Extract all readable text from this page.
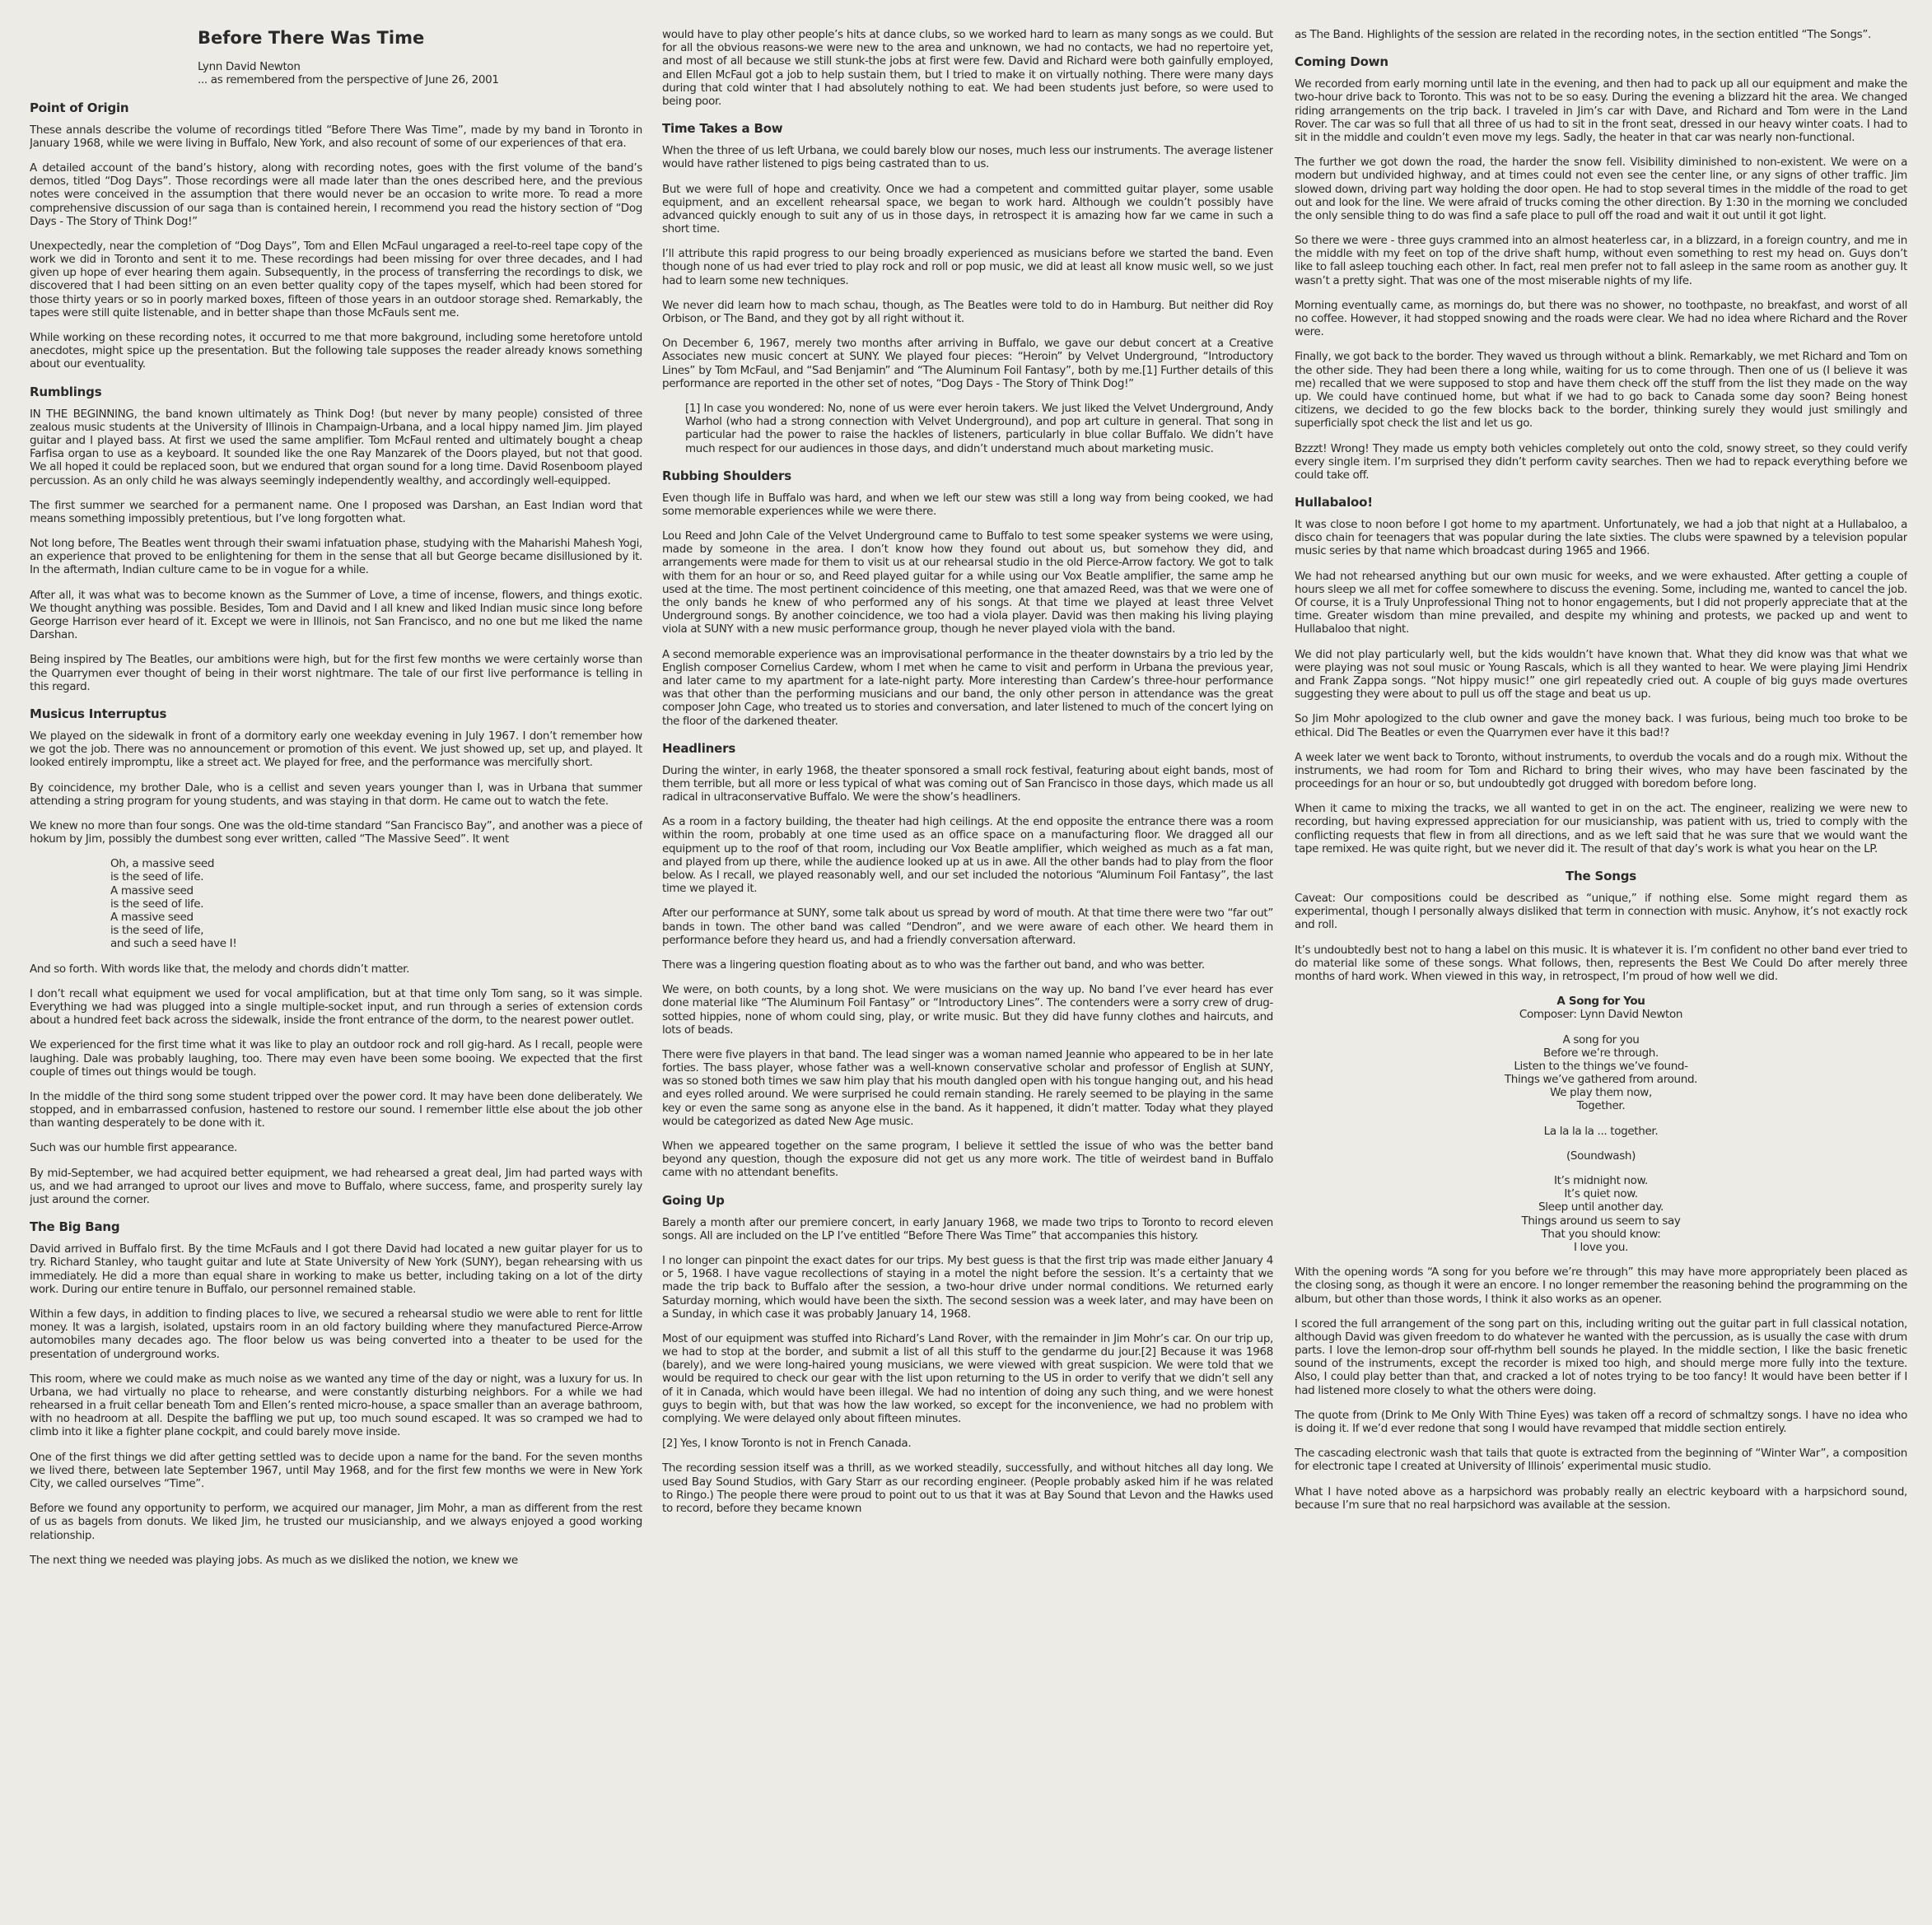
Before There Was Time
Lynn David Newton
... as remembered from the perspective of June 26, 2001
Point of Origin

These annals describe the volume of recordings titled “Before There Was Time”, made by my band in Toronto in January 1968, while we were living in Buffalo, New York, and also recount of some of our experiences of that era.

A detailed account of the band’s history, along with recording notes, goes with the first volume of the band’s demos, titled “Dog Days”. Those recordings were all made later than the ones described here, and the previous notes were conceived in the assumption that there would never be an occasion to write more. To read a more comprehensive discussion of our saga than is contained herein, I recommend you read the history section of “Dog Days - The Story of Think Dog!”

Unexpectedly, near the completion of “Dog Days”, Tom and Ellen McFaul ungaraged a reel-to-reel tape copy of the work we did in Toronto and sent it to me. These recordings had been missing for over three decades, and I had given up hope of ever hearing them again. Subsequently, in the process of transferring the recordings to disk, we discovered that I had been sitting on an even better quality copy of the tapes myself, which had been stored for those thirty years or so in poorly marked boxes, fifteen of those years in an outdoor storage shed. Remarkably, the tapes were still quite listenable, and in better shape than those McFauls sent me.

While working on these recording notes, it occurred to me that more bakground, including some heretofore untold anecdotes, might spice up the presentation. But the following tale supposes the reader already knows something about our eventuality.

Rumblings

IN THE BEGINNING, the band known ultimately as Think Dog! (but never by many people) consisted of three zealous music students at the University of Illinois in Champaign-Urbana, and a local hippy named Jim. Jim played guitar and I played bass. At first we used the same amplifier. Tom McFaul rented and ultimately bought a cheap Farfisa organ to use as a keyboard. It sounded like the one Ray Manzarek of the Doors played, but not that good. We all hoped it could be replaced soon, but we endured that organ sound for a long time. David Rosenboom played percussion. As an only child he was always seemingly independently wealthy, and accordingly well-equipped.

The first summer we searched for a permanent name. One I proposed was Darshan, an East Indian word that means something impossibly pretentious, but I’ve long forgotten what.

Not long before, The Beatles went through their swami infatuation phase, studying with the Maharishi Mahesh Yogi, an experience that proved to be enlightening for them in the sense that all but George became disillusioned by it. In the aftermath, Indian culture came to be in vogue for a while.

After all, it was what was to become known as the Summer of Love, a time of incense, flowers, and things exotic. We thought anything was possible. Besides, Tom and David and I all knew and liked Indian music since long before George Harrison ever heard of it. Except we were in Illinois, not San Francisco, and no one but me liked the name Darshan.

Being inspired by The Beatles, our ambitions were high, but for the first few months we were certainly worse than the Quarrymen ever thought of being in their worst nightmare. The tale of our first live performance is telling in this regard.

Musicus Interruptus

We played on the sidewalk in front of a dormitory early one weekday evening in July 1967. I don’t remember how we got the job. There was no announcement or promotion of this event. We just showed up, set up, and played. It looked entirely impromptu, like a street act. We played for free, and the performance was mercifully short.

By coincidence, my brother Dale, who is a cellist and seven years younger than I, was in Urbana that summer attending a string program for young students, and was staying in that dorm. He came out to watch the fete.

We knew no more than four songs. One was the old-time standard “San Francisco Bay”, and another was a piece of hokum by Jim, possibly the dumbest song ever written, called “The Massive Seed”. It went

Oh, a massive seed
is the seed of life.
A massive seed
is the seed of life.
A massive seed
is the seed of life,
and such a seed have I!

And so forth. With words like that, the melody and chords didn’t matter.

I don’t recall what equipment we used for vocal amplification, but at that time only Tom sang, so it was simple. Everything we had was plugged into a single multiple-socket input, and run through a series of extension cords about a hundred feet back across the sidewalk, inside the front entrance of the dorm, to the nearest power outlet.

We experienced for the first time what it was like to play an outdoor rock and roll gig-hard. As I recall, people were laughing. Dale was probably laughing, too. There may even have been some booing. We expected that the first couple of times out things would be tough.

In the middle of the third song some student tripped over the power cord. It may have been done deliberately. We stopped, and in embarrassed confusion, hastened to restore our sound. I remember little else about the job other than wanting desperately to be done with it.

Such was our humble first appearance.

By mid-September, we had acquired better equipment, we had rehearsed a great deal, Jim had parted ways with us, and we had arranged to uproot our lives and move to Buffalo, where success, fame, and prosperity surely lay just around the corner.

The Big Bang

David arrived in Buffalo first. By the time McFauls and I got there David had located a new guitar player for us to try. Richard Stanley, who taught guitar and lute at State University of New York (SUNY), began rehearsing with us immediately. He did a more than equal share in working to make us better, including taking on a lot of the dirty work. During our entire tenure in Buffalo, our personnel remained stable.

Within a few days, in addition to finding places to live, we secured a rehearsal studio we were able to rent for little money. It was a largish, isolated, upstairs room in an old factory building where they manufactured Pierce-Arrow automobiles many decades ago. The floor below us was being converted into a theater to be used for the presentation of underground works.

This room, where we could make as much noise as we wanted any time of the day or night, was a luxury for us. In Urbana, we had virtually no place to rehearse, and were constantly disturbing neighbors. For a while we had rehearsed in a fruit cellar beneath Tom and Ellen’s rented micro-house, a space smaller than an average bathroom, with no headroom at all. Despite the baffling we put up, too much sound escaped. It was so cramped we had to climb into it like a fighter plane cockpit, and could barely move inside.

One of the first things we did after getting settled was to decide upon a name for the band. For the seven months we lived there, between late September 1967, until May 1968, and for the first few months we were in New York City, we called ourselves “Time”.

Before we found any opportunity to perform, we acquired our manager, Jim Mohr, a man as different from the rest of us as bagels from donuts. We liked Jim, he trusted our musicianship, and we always enjoyed a good working relationship.

The next thing we needed was playing jobs. As much as we disliked the notion, we knew we

would have to play other people’s hits at dance clubs, so we worked hard to learn as many songs as we could. But for all the obvious reasons-we were new to the area and unknown, we had no contacts, we had no repertoire yet, and most of all because we still stunk-the jobs at first were few. David and Richard were both gainfully employed, and Ellen McFaul got a job to help sustain them, but I tried to make it on virtually nothing. There were many days during that cold winter that I had absolutely nothing to eat. We had been students just before, so were used to being poor.

Time Takes a Bow

When the three of us left Urbana, we could barely blow our noses, much less our instruments. The average listener would have rather listened to pigs being castrated than to us.

But we were full of hope and creativity. Once we had a competent and committed guitar player, some usable equipment, and an excellent rehearsal space, we began to work hard. Although we couldn’t possibly have advanced quickly enough to suit any of us in those days, in retrospect it is amazing how far we came in such a short time.

I’ll attribute this rapid progress to our being broadly experienced as musicians before we started the band. Even though none of us had ever tried to play rock and roll or pop music, we did at least all know music well, so we just had to learn some new techniques.

We never did learn how to mach schau, though, as The Beatles were told to do in Hamburg. But neither did Roy Orbison, or The Band, and they got by all right without it.

On December 6, 1967, merely two months after arriving in Buffalo, we gave our debut concert at a Creative Associates new music concert at SUNY. We played four pieces: “Heroin” by Velvet Underground, “Introductory Lines” by Tom McFaul, and “Sad Benjamin” and “The Aluminum Foil Fantasy”, both by me.[1] Further details of this performance are reported in the other set of notes, “Dog Days - The Story of Think Dog!”

[1] In case you wondered: No, none of us were ever heroin takers. We just liked the Velvet Underground, Andy Warhol (who had a strong connection with Velvet Underground), and pop art culture in general. That song in particular had the power to raise the hackles of listeners, particularly in blue collar Buffalo. We didn’t have much respect for our audiences in those days, and didn’t understand much about marketing music.

Rubbing Shoulders

Even though life in Buffalo was hard, and when we left our stew was still a long way from being cooked, we had some memorable experiences while we were there.

Lou Reed and John Cale of the Velvet Underground came to Buffalo to test some speaker systems we were using, made by someone in the area. I don’t know how they found out about us, but somehow they did, and arrangements were made for them to visit us at our rehearsal studio in the old Pierce-Arrow factory. We got to talk with them for an hour or so, and Reed played guitar for a while using our Vox Beatle amplifier, the same amp he used at the time. The most pertinent coincidence of this meeting, one that amazed Reed, was that we were one of the only bands he knew of who performed any of his songs. At that time we played at least three Velvet Underground songs. By another coincidence, we too had a viola player. David was then making his living playing viola at SUNY with a new music performance group, though he never played viola with the band.

A second memorable experience was an improvisational performance in the theater downstairs by a trio led by the English composer Cornelius Cardew, whom I met when he came to visit and perform in Urbana the previous year, and later came to my apartment for a late-night party. More interesting than Cardew’s three-hour performance was that other than the performing musicians and our band, the only other person in attendance was the great composer John Cage, who treated us to stories and conversation, and later listened to much of the concert lying on the floor of the darkened theater.

Headliners

During the winter, in early 1968, the theater sponsored a small rock festival, featuring about eight bands, most of them terrible, but all more or less typical of what was coming out of San Francisco in those days, which made us all radical in ultraconservative Buffalo. We were the show’s headliners.

As a room in a factory building, the theater had high ceilings. At the end opposite the entrance there was a room within the room, probably at one time used as an office space on a manufacturing floor. We dragged all our equipment up to the roof of that room, including our Vox Beatle amplifier, which weighed as much as a fat man, and played from up there, while the audience looked up at us in awe. All the other bands had to play from the floor below. As I recall, we played reasonably well, and our set included the notorious “Aluminum Foil Fantasy”, the last time we played it.

After our performance at SUNY, some talk about us spread by word of mouth. At that time there were two “far out” bands in town. The other band was called “Dendron”, and we were aware of each other. We heard them in performance before they heard us, and had a friendly conversation afterward.

There was a lingering question floating about as to who was the farther out band, and who was better.

We were, on both counts, by a long shot. We were musicians on the way up. No band I’ve ever heard has ever done material like “The Aluminum Foil Fantasy” or “Introductory Lines”. The contenders were a sorry crew of drug-sotted hippies, none of whom could sing, play, or write music. But they did have funny clothes and haircuts, and lots of beads.

There were five players in that band. The lead singer was a woman named Jeannie who appeared to be in her late forties. The bass player, whose father was a well-known conservative scholar and professor of English at SUNY, was so stoned both times we saw him play that his mouth dangled open with his tongue hanging out, and his head and eyes rolled around. We were surprised he could remain standing. He rarely seemed to be playing in the same key or even the same song as anyone else in the band. As it happened, it didn’t matter. Today what they played would be categorized as dated New Age music.

When we appeared together on the same program, I believe it settled the issue of who was the better band beyond any question, though the exposure did not get us any more work. The title of weirdest band in Buffalo came with no attendant benefits.

Going Up

Barely a month after our premiere concert, in early January 1968, we made two trips to Toronto to record eleven songs. All are included on the LP I’ve entitled “Before There Was Time” that accompanies this history.

I no longer can pinpoint the exact dates for our trips. My best guess is that the first trip was made either January 4 or 5, 1968. I have vague recollections of staying in a motel the night before the session. It’s a certainty that we made the trip back to Buffalo after the session, a two-hour drive under normal conditions. We returned early Saturday morning, which would have been the sixth. The second session was a week later, and may have been on a Sunday, in which case it was probably January 14, 1968.

Most of our equipment was stuffed into Richard’s Land Rover, with the remainder in Jim Mohr’s car. On our trip up, we had to stop at the border, and submit a list of all this stuff to the gendarme du jour.[2] Because it was 1968 (barely), and we were long-haired young musicians, we were viewed with great suspicion. We were told that we would be required to check our gear with the list upon returning to the US in order to verify that we didn’t sell any of it in Canada, which would have been illegal. We had no intention of doing any such thing, and we were honest guys to begin with, but that was how the law worked, so except for the inconvenience, we had no problem with complying. We were delayed only about fifteen minutes.

[2] Yes, I know Toronto is not in French Canada.

The recording session itself was a thrill, as we worked steadily, successfully, and without hitches all day long. We used Bay Sound Studios, with Gary Starr as our recording engineer. (People probably asked him if he was related to Ringo.) The people there were proud to point out to us that it was at Bay Sound that Levon and the Hawks used to record, before they became known

as The Band. Highlights of the session are related in the recording notes, in the section entitled “The Songs”.

Coming Down

We recorded from early morning until late in the evening, and then had to pack up all our equipment and make the two-hour drive back to Toronto. This was not to be so easy. During the evening a blizzard hit the area. We changed riding arrangements on the trip back. I traveled in Jim’s car with Dave, and Richard and Tom were in the Land Rover. The car was so full that all three of us had to sit in the front seat, dressed in our heavy winter coats. I had to sit in the middle and couldn’t even move my legs. Sadly, the heater in that car was nearly non-functional.

The further we got down the road, the harder the snow fell. Visibility diminished to non-existent. We were on a modern but undivided highway, and at times could not even see the center line, or any signs of other traffic. Jim slowed down, driving part way holding the door open. He had to stop several times in the middle of the road to get out and look for the line. We were afraid of trucks coming the other direction. By 1:30 in the morning we concluded the only sensible thing to do was find a safe place to pull off the road and wait it out until it got light.

So there we were - three guys crammed into an almost heaterless car, in a blizzard, in a foreign country, and me in the middle with my feet on top of the drive shaft hump, without even something to rest my head on. Guys don’t like to fall asleep touching each other. In fact, real men prefer not to fall asleep in the same room as another guy. It wasn’t a pretty sight. That was one of the most miserable nights of my life.

Morning eventually came, as mornings do, but there was no shower, no toothpaste, no breakfast, and worst of all no coffee. However, it had stopped snowing and the roads were clear. We had no idea where Richard and the Rover were.

Finally, we got back to the border. They waved us through without a blink. Remarkably, we met Richard and Tom on the other side. They had been there a long while, waiting for us to come through. Then one of us (I believe it was me) recalled that we were supposed to stop and have them check off the stuff from the list they made on the way up. We could have continued home, but what if we had to go back to Canada some day soon? Being honest citizens, we decided to go the few blocks back to the border, thinking surely they would just smilingly and superficially spot check the list and let us go.

Bzzzt! Wrong! They made us empty both vehicles completely out onto the cold, snowy street, so they could verify every single item. I’m surprised they didn’t perform cavity searches. Then we had to repack everything before we could take off.

Hullabaloo!

It was close to noon before I got home to my apartment. Unfortunately, we had a job that night at a Hullabaloo, a disco chain for teenagers that was popular during the late sixties. The clubs were spawned by a television popular music series by that name which broadcast during 1965 and 1966.

We had not rehearsed anything but our own music for weeks, and we were exhausted. After getting a couple of hours sleep we all met for coffee somewhere to discuss the evening. Some, including me, wanted to cancel the job. Of course, it is a Truly Unprofessional Thing not to honor engagements, but I did not properly appreciate that at the time. Greater wisdom than mine prevailed, and despite my whining and protests, we packed up and went to Hullabaloo that night.

We did not play particularly well, but the kids wouldn’t have known that. What they did know was that what we were playing was not soul music or Young Rascals, which is all they wanted to hear. We were playing Jimi Hendrix and Frank Zappa songs. “Not hippy music!” one girl repeatedly cried out. A couple of big guys made overtures suggesting they were about to pull us off the stage and beat us up.

So Jim Mohr apologized to the club owner and gave the money back. I was furious, being much too broke to be ethical. Did The Beatles or even the Quarrymen ever have it this bad!?

A week later we went back to Toronto, without instruments, to overdub the vocals and do a rough mix. Without the instruments, we had room for Tom and Richard to bring their wives, who may have been fascinated by the proceedings for an hour or so, but undoubtedly got drugged with boredom before long.

When it came to mixing the tracks, we all wanted to get in on the act. The engineer, realizing we were new to recording, but having expressed appreciation for our musicianship, was patient with us, tried to comply with the conflicting requests that flew in from all directions, and as we left said that he was sure that we would want the tape remixed. He was quite right, but we never did it. The result of that day’s work is what you hear on the LP.

The Songs

Caveat: Our compositions could be described as “unique,” if nothing else. Some might regard them as experimental, though I personally always disliked that term in connection with music. Anyhow, it’s not exactly rock and roll.

It’s undoubtedly best not to hang a label on this music. It is whatever it is. I’m confident no other band ever tried to do material like some of these songs. What follows, then, represents the Best We Could Do after merely three months of hard work. When viewed in this way, in retrospect, I’m proud of how well we did.

A Song for You
Composer: Lynn David Newton
A song for you
Before we’re through.
Listen to the things we’ve found-
Things we’ve gathered from around.
We play them now,
Together.
La la la la ... together.
(Soundwash)
It’s midnight now.
It’s quiet now.
Sleep until another day.
Things around us seem to say
That you should know:
I love you.

With the opening words “A song for you before we’re through” this may have more appropriately been placed as the closing song, as though it were an encore. I no longer remember the reasoning behind the programming on the album, but other than those words, I think it also works as an opener.

I scored the full arrangement of the song part on this, including writing out the guitar part in full classical notation, although David was given freedom to do whatever he wanted with the percussion, as is usually the case with drum parts. I love the lemon-drop sour off-rhythm bell sounds he played. In the middle section, I like the basic frenetic sound of the instruments, except the recorder is mixed too high, and should merge more fully into the texture. Also, I could play better than that, and cracked a lot of notes trying to be too fancy! It would have been better if I had listened more closely to what the others were doing.

The quote from (Drink to Me Only With Thine Eyes) was taken off a record of schmaltzy songs. I have no idea who is doing it. If we’d ever redone that song I would have revamped that middle section entirely.

The cascading electronic wash that tails that quote is extracted from the beginning of “Winter War”, a composition for electronic tape I created at University of Illinois’ experimental music studio.

What I have noted above as a harpsichord was probably really an electric keyboard with a harpsichord sound, because I’m sure that no real harpsichord was available at the session.
